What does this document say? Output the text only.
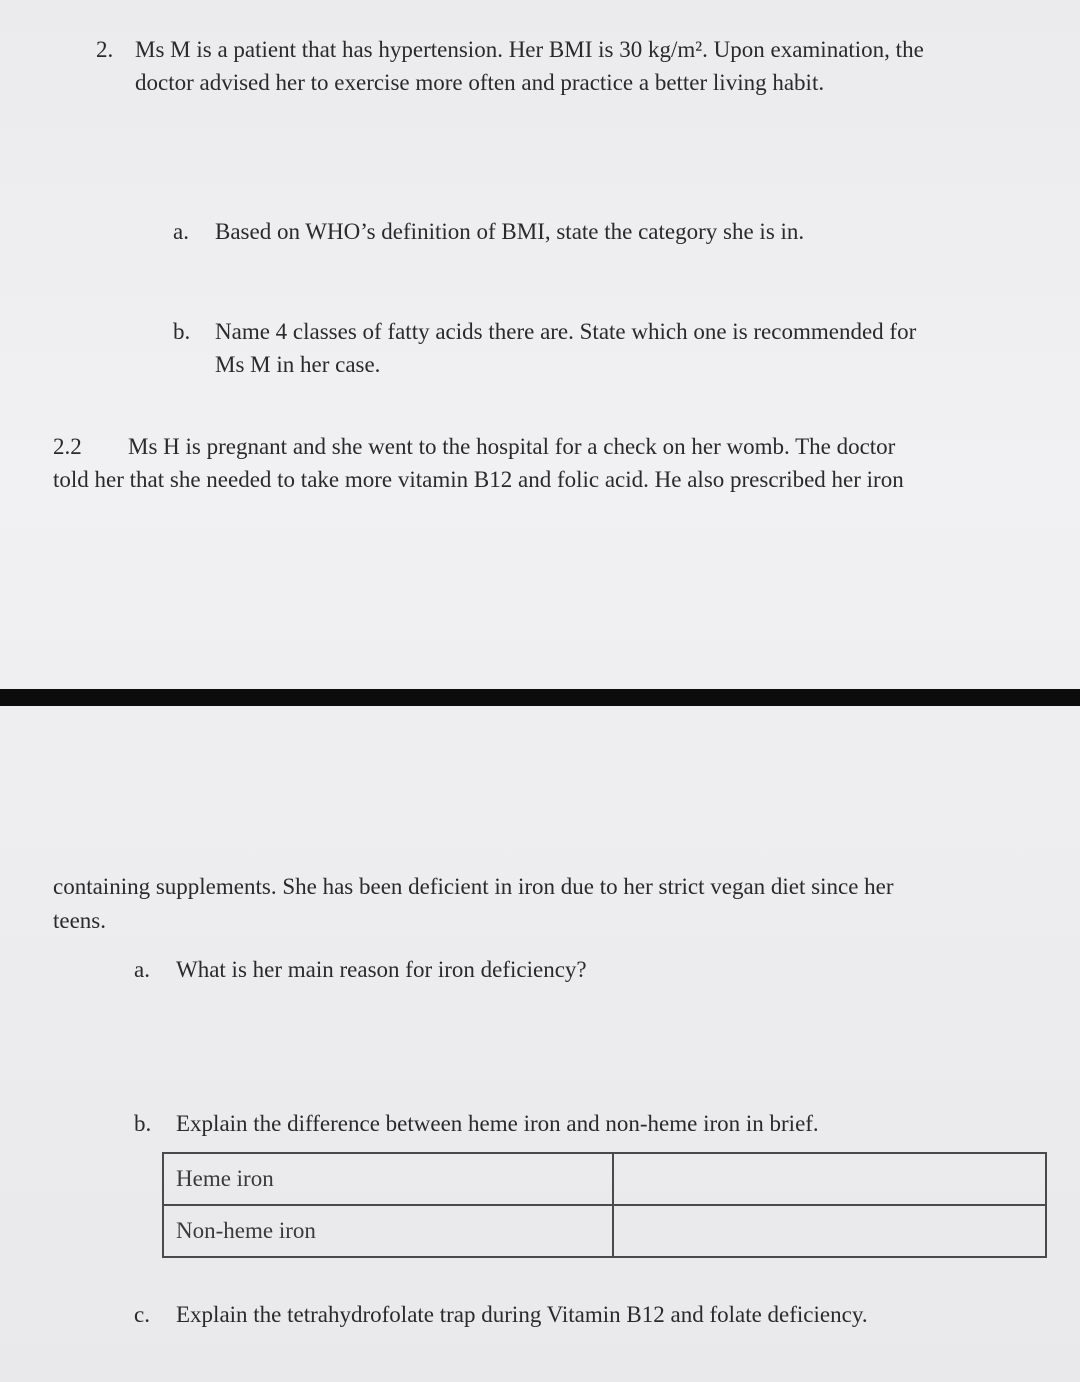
2. Ms M is a patient that has hypertension. Her BMI is 30 kg/m². Upon examination, the
doctor advised her to exercise more often and practice a better living habit.
a. Based on WHO’s definition of BMI, state the category she is in.
b. Name 4 classes of fatty acids there are. State which one is recommended for
Ms M in her case.
2.2 Ms H is pregnant and she went to the hospital for a check on her womb. The doctor
told her that she needed to take more vitamin B12 and folic acid. He also prescribed her iron
containing supplements. She has been deficient in iron due to her strict vegan diet since her
teens.
a. What is her main reason for iron deficiency?
b. Explain the difference between heme iron and non-heme iron in brief.
Heme iron	
Non-heme iron	
c. Explain the tetrahydrofolate trap during Vitamin B12 and folate deficiency.
